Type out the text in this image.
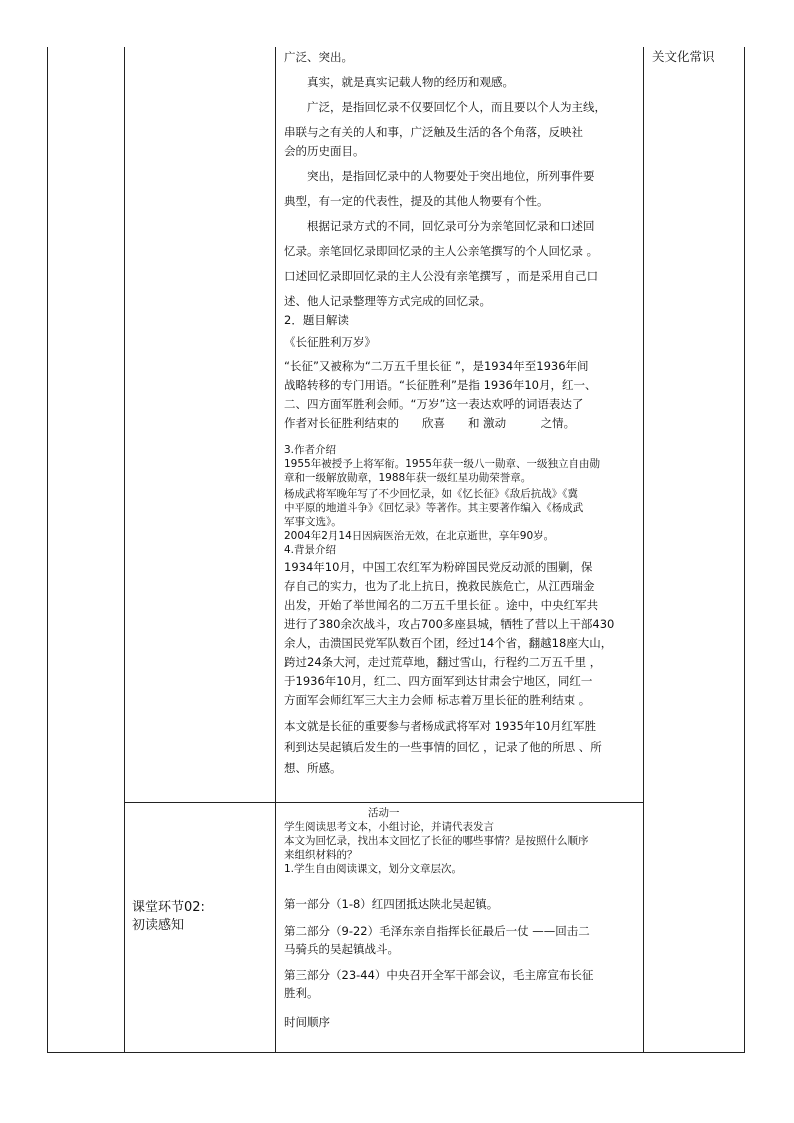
关文化常识

广泛、突出。

真实，就是真实记载人物的经历和观感。

广泛，是指回忆录不仅要回忆个人，而且要以个人为主线，

串联与之有关的人和事，广泛触及生活的各个角落，反映社

会的历史面目。

突出，是指回忆录中的人物要处于突出地位，所列事件要

典型，有一定的代表性，提及的其他人物要有个性。

根据记录方式的不同，回忆录可分为亲笔回忆录和口述回

忆录。亲笔回忆录即回忆录的主人公亲笔撰写的个人回忆录 。

口述回忆录即回忆录的主人公没有亲笔撰写 ，而是采用自己口

述、他人记录整理等方式完成的回忆录。

2．题目解读

《长征胜利万岁》

“长征”又被称为“二万五千里长征 ”，是1934年至1936年间

战略转移的专门用语。“长征胜利”是指 1936年10月，红一、

二、四方面军胜利会师。“万岁”这一表达欢呼的词语表达了

作者对长征胜利结束的　　欣喜　　和 激动　　　之情。

3.作者介绍

1955年被授予上将军衔。1955年获一级八一勋章、一级独立自由勋

章和一级解放勋章，1988年获一级红星功勋荣誉章。

杨成武将军晚年写了不少回忆录，如《忆长征》《敌后抗战》《冀

中平原的地道斗争》《回忆录》等著作。其主要著作编入《杨成武

军事文选》。

2004年2月14日因病医治无效，在北京逝世，享年90岁。

4.背景介绍

1934年10月，中国工农红军为粉碎国民党反动派的围剿，保

存自己的实力，也为了北上抗日，挽救民族危亡，从江西瑞金

出发，开始了举世闻名的二万五千里长征 。途中，中央红军共

进行了380余次战斗，攻占700多座县城，牺牲了营以上干部430

余人，击溃国民党军队数百个团，经过14个省，翻越18座大山，

跨过24条大河，走过荒草地，翻过雪山，行程约二万五千里 ，

于1936年10月，红二、四方面军到达甘肃会宁地区，同红一

方面军会师红军三大主力会师 标志着万里长征的胜利结束 。

本文就是长征的重要参与者杨成武将军对 1935年10月红军胜

利到达吴起镇后发生的一些事情的回忆 ，记录了他的所思 、所

想、所感。

课堂环节02:

初读感知

活动一

学生阅读思考文本，小组讨论，并请代表发言

本文为回忆录，找出本文回忆了长征的哪些事情？是按照什么顺序

来组织材料的？

1.学生自由阅读课文，划分文章层次。

第一部分（1-8）红四团抵达陕北吴起镇。

第二部分（9-22）毛泽东亲自指挥长征最后一仗 ——回击二

马骑兵的吴起镇战斗。

第三部分（23-44）中央召开全军干部会议，毛主席宣布长征

胜利。

时间顺序
